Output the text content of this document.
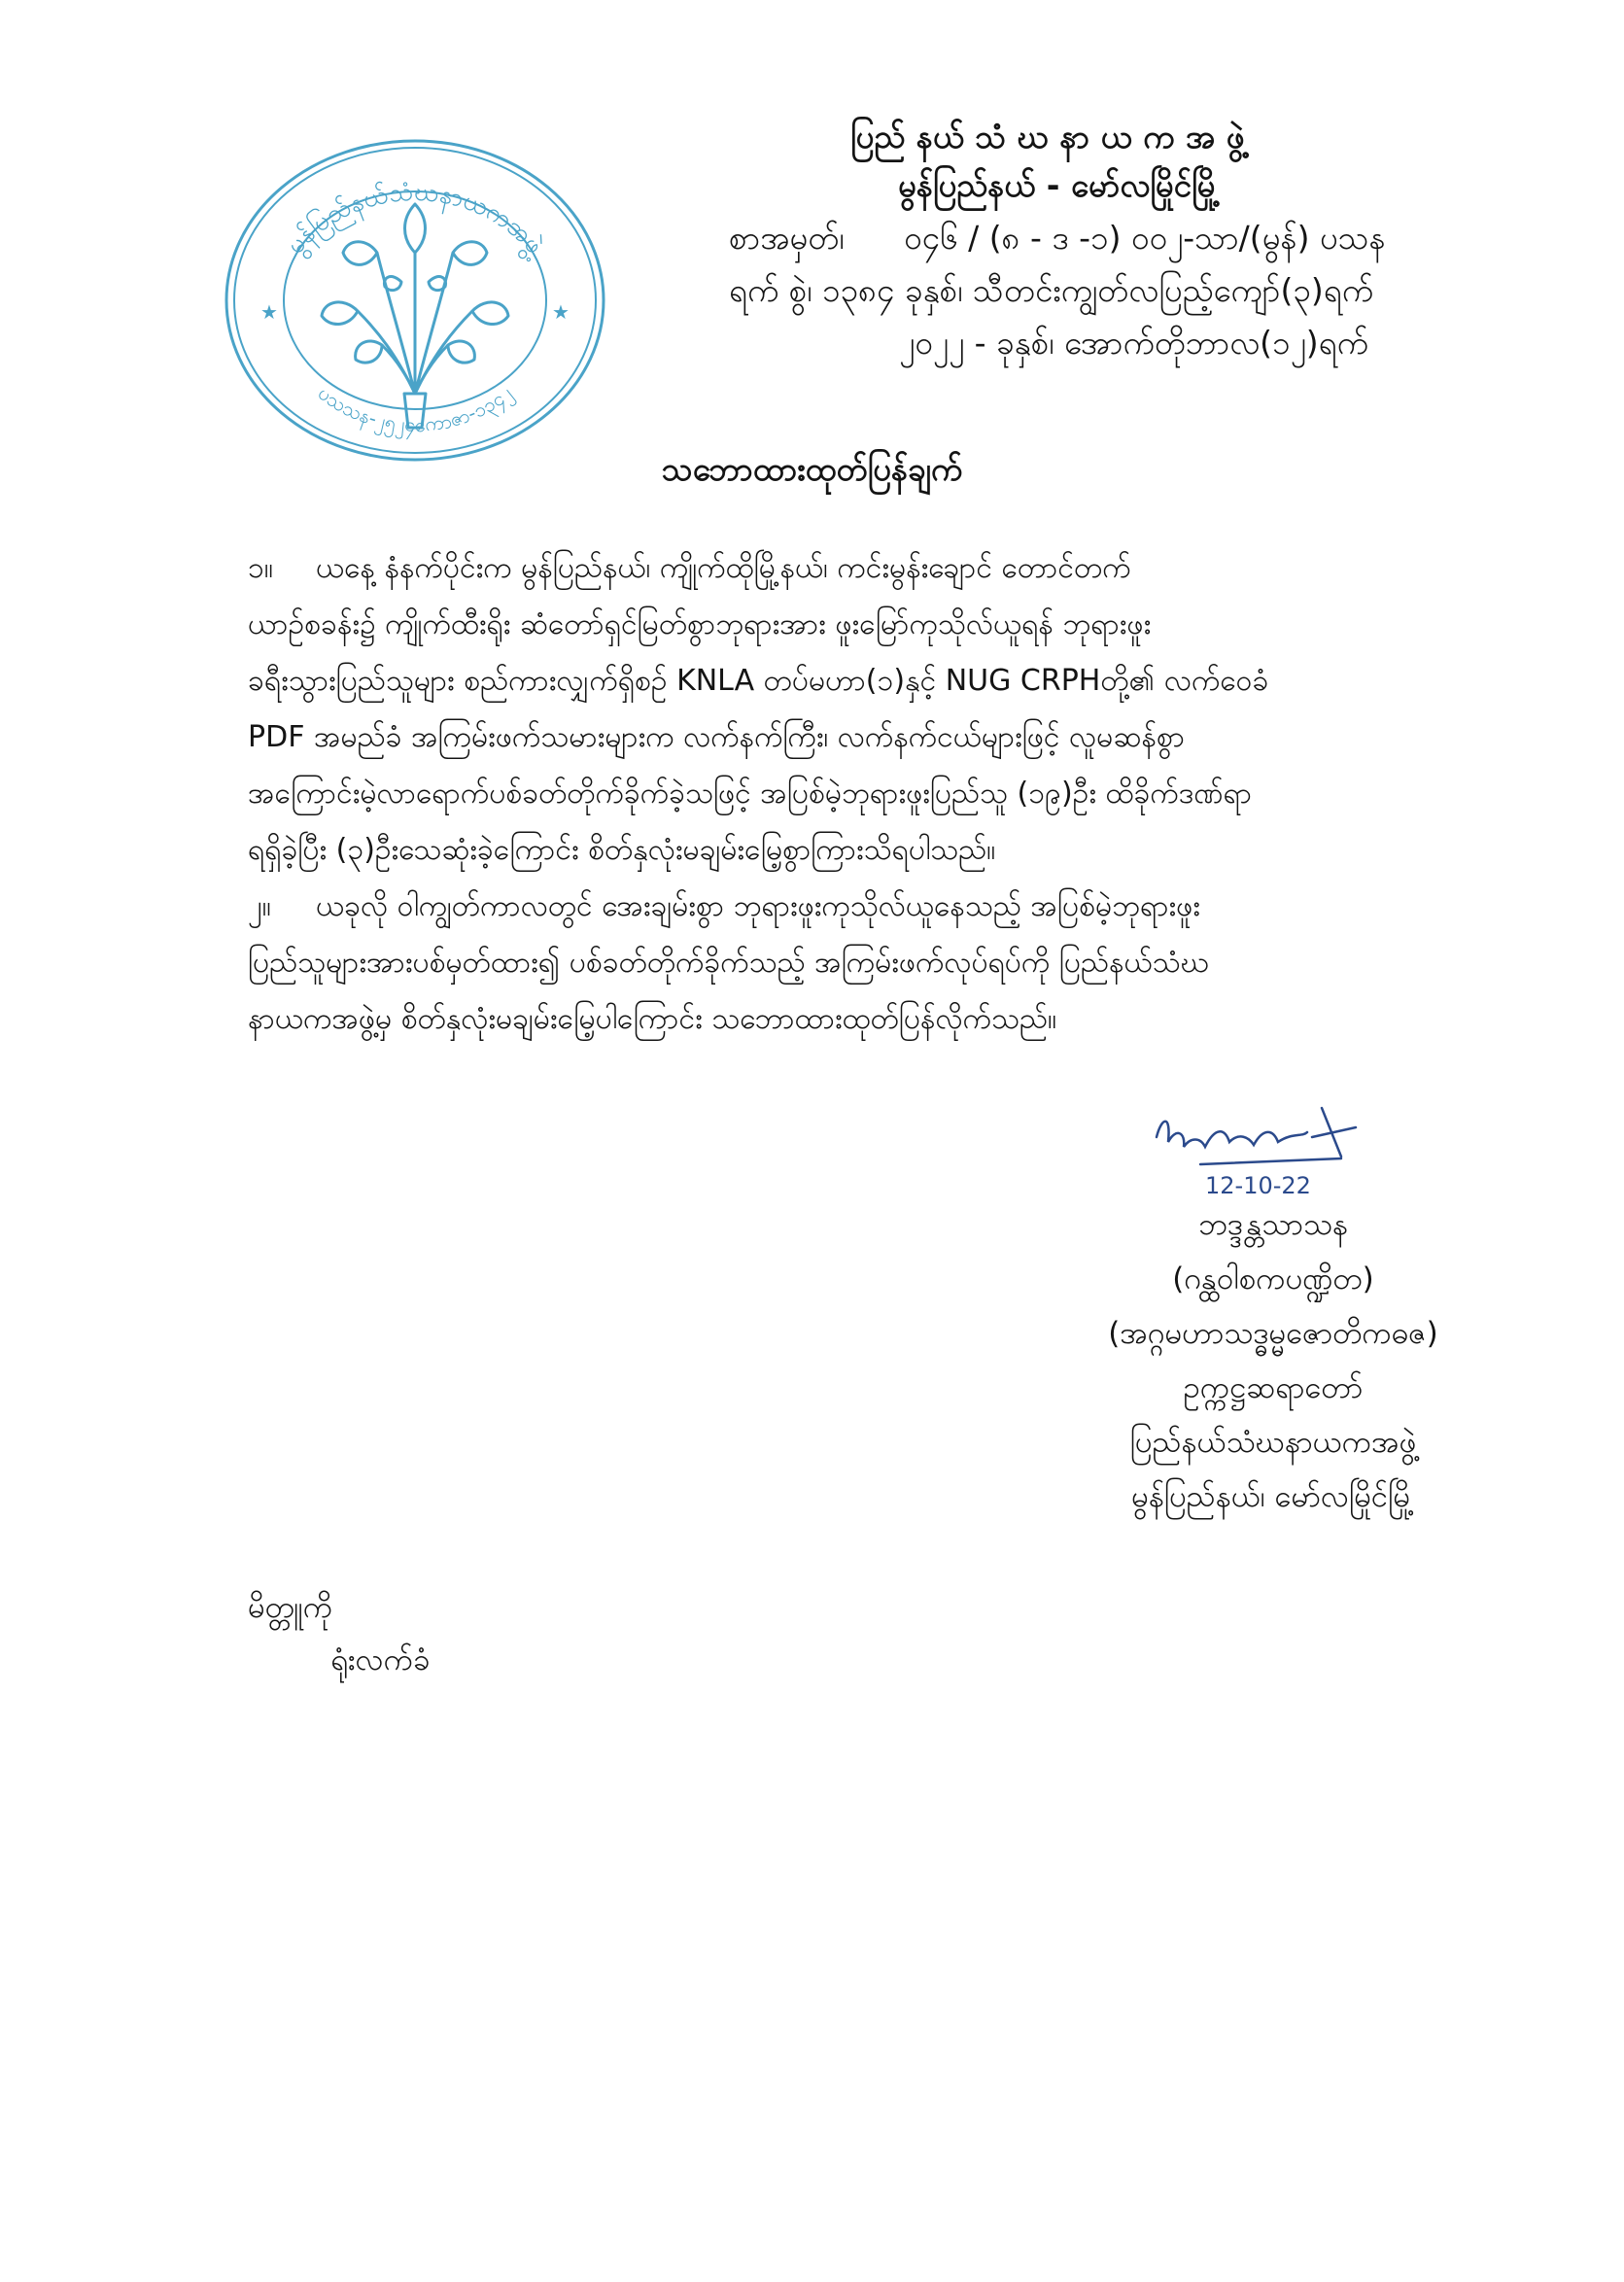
မွန်ပြည်နယ်သံဃနာယကအဖွဲ့
ပသသန-၂၅၂၄ကောဇာ-၁၃၄၂
★	★
ပြည် နယ် သံ ဃ နာ ယ က အ ဖွဲ့
မွန်ပြည်နယ် - မော်လမြိုင်မြို့
စာအမှတ်၊ ၀၄၆ / (၈ - ဒ -၁) ၀၀၂-သာ/(မွန်) ပသန
ရက် စွဲ၊ ၁၃၈၄ ခုနှစ်၊ သီတင်းကျွတ်လပြည့်ကျော်(၃)ရက်
၂၀၂၂ - ခုနှစ်၊ အောက်တိုဘာလ(၁၂)ရက်
သဘောထားထုတ်ပြန်ချက်
၁။ ယနေ့ နံနက်ပိုင်းက မွန်ပြည်နယ်၊ ကျိုက်ထိုမြို့နယ်၊ ကင်းမွန်းချောင် တောင်တက်
ယာဉ်စခန်း၌ ကျိုက်ထီးရိုး ဆံတော်ရှင်မြတ်စွာဘုရားအား ဖူးမြော်ကုသိုလ်ယူရန် ဘုရားဖူး
ခရီးသွားပြည်သူများ စည်ကားလျှက်ရှိစဉ် KNLA တပ်မဟာ(၁)နှင့် NUG CRPHတို့၏ လက်ဝေခံ
PDF အမည်ခံ အကြမ်းဖက်သမားများက လက်နက်ကြီး၊ လက်နက်ငယ်များဖြင့် လူမဆန်စွာ
အကြောင်းမဲ့လာရောက်ပစ်ခတ်တိုက်ခိုက်ခဲ့သဖြင့် အပြစ်မဲ့ဘုရားဖူးပြည်သူ (၁၉)ဦး ထိခိုက်ဒဏ်ရာ
ရရှိခဲ့ပြီး (၃)ဦးသေဆုံးခဲ့ကြောင်း စိတ်နှလုံးမချမ်းမြေ့စွာကြားသိရပါသည်။
၂။ ယခုလို ဝါကျွတ်ကာလတွင် အေးချမ်းစွာ ဘုရားဖူးကုသိုလ်ယူနေသည့် အပြစ်မဲ့ဘုရားဖူး
ပြည်သူများအားပစ်မှတ်ထား၍ ပစ်ခတ်တိုက်ခိုက်သည့် အကြမ်းဖက်လုပ်ရပ်ကို ပြည်နယ်သံဃ
နာယကအဖွဲ့မှ စိတ်နှလုံးမချမ်းမြေ့ပါကြောင်း သဘောထားထုတ်ပြန်လိုက်သည်။
12-10-22
ဘဒ္ဒန္တသာသန
(ဂန္ထဝါစကပဏ္ဍိတ)
(အဂ္ဂမဟာသဒ္ဓမ္မဇောတိကဓဇ)
ဥက္ကဋ္ဌဆရာတော်
ပြည်နယ်သံဃနာယကအဖွဲ့
မွန်ပြည်နယ်၊ မော်လမြိုင်မြို့
မိတ္တူကို
ရုံးလက်ခံ
